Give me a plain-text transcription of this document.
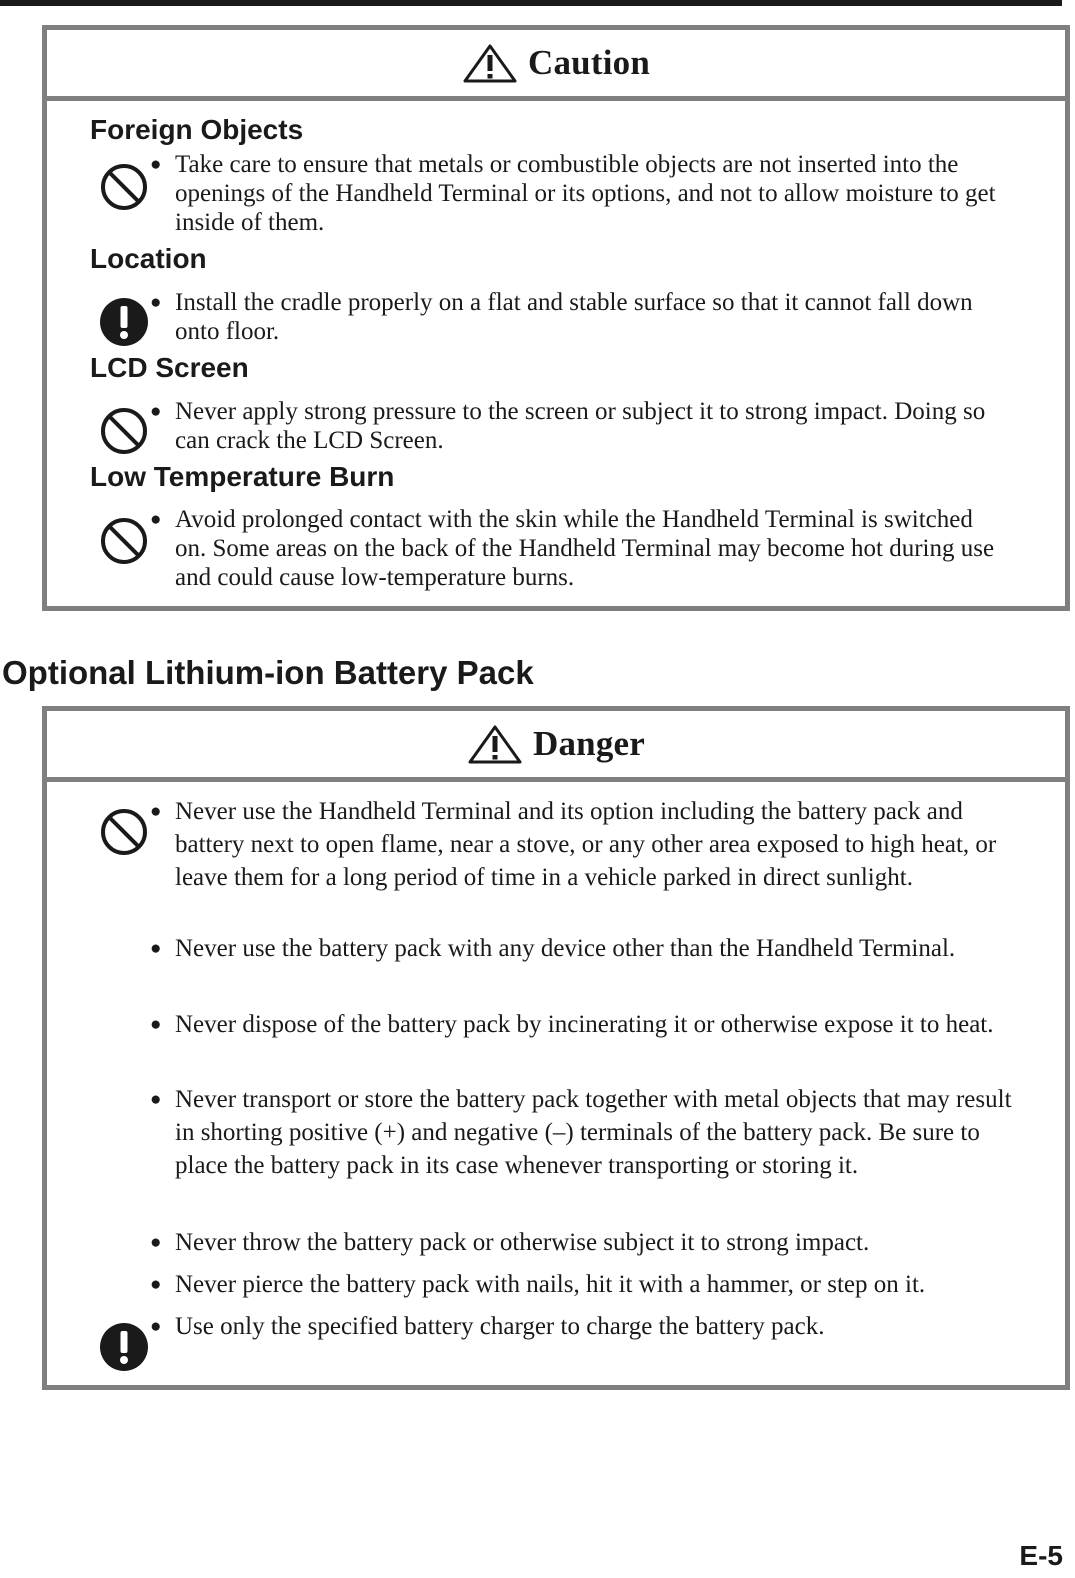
Caution
Foreign Objects
● Take care to ensure that metals or combustible objects are not inserted into the openings of the Handheld Terminal or its options, and not to allow moisture to get inside of them.
Location
● Install the cradle properly on a flat and stable surface so that it cannot fall down onto floor.
LCD Screen
● Never apply strong pressure to the screen or subject it to strong impact. Doing so can crack the LCD Screen.
Low Temperature Burn
● Avoid prolonged contact with the skin while the Handheld Terminal is switched on. Some areas on the back of the Handheld Terminal may become hot during use and could cause low-temperature burns.
Optional Lithium-ion Battery Pack
Danger
● Never use the Handheld Terminal and its option including the battery pack and battery next to open flame, near a stove, or any other area exposed to high heat, or leave them for a long period of time in a vehicle parked in direct sunlight.
● Never use the battery pack with any device other than the Handheld Terminal.
● Never dispose of the battery pack by incinerating it or otherwise expose it to heat.
● Never transport or store the battery pack together with metal objects that may result in shorting positive (+) and negative (–) terminals of the battery pack. Be sure to place the battery pack in its case whenever transporting or storing it.
● Never throw the battery pack or otherwise subject it to strong impact.
● Never pierce the battery pack with nails, hit it with a hammer, or step on it.
● Use only the specified battery charger to charge the battery pack.
E-5
